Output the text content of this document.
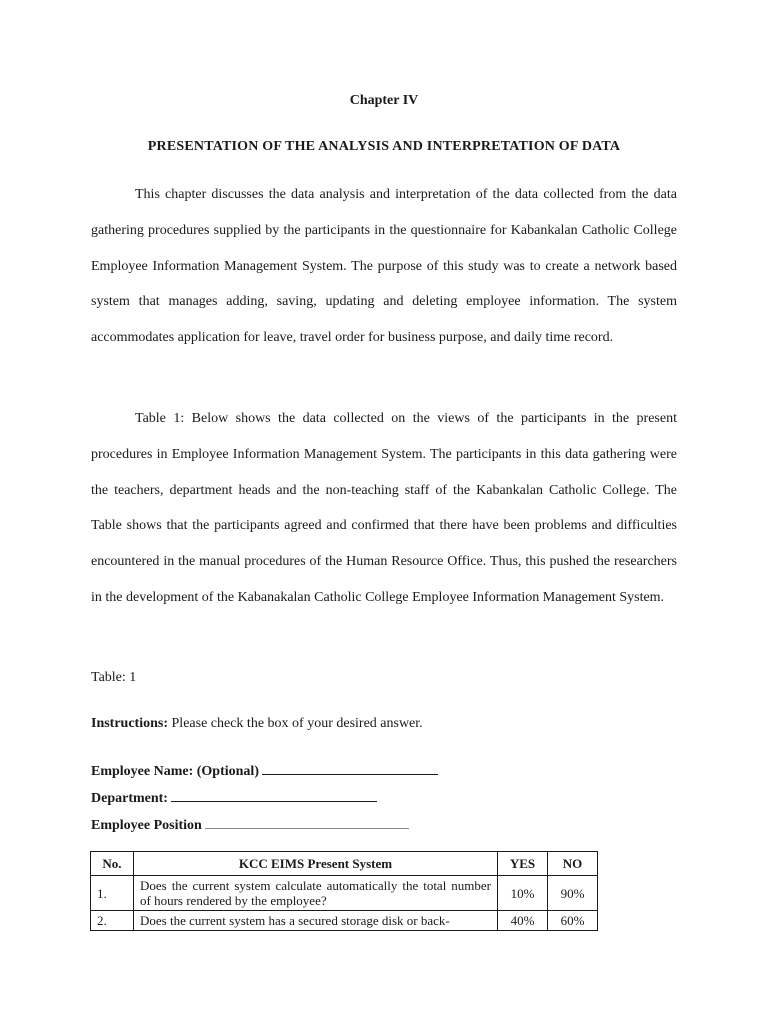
Chapter IV
PRESENTATION OF THE ANALYSIS AND INTERPRETATION OF DATA

This chapter discusses the data analysis and interpretation of the data collected from the data gathering procedures supplied by the participants in the questionnaire for Kabankalan Catholic College Employee Information Management System. The purpose of this study was to create a network based system that manages adding, saving, updating and deleting employee information. The system accommodates application for leave, travel order for business purpose, and daily time record.

Table 1: Below shows the data collected on the views of the participants in the present procedures in Employee Information Management System. The participants in this data gathering were the teachers, department heads and the non-teaching staff of the Kabankalan Catholic College. The Table shows that the participants agreed and confirmed that there have been problems and difficulties encountered in the manual procedures of the Human Resource Office. Thus, this pushed the researchers in the development of the Kabanakalan Catholic College Employee Information Management System.

Table: 1
Instructions: Please check the box of your desired answer.
Employee Name: (Optional)
Department:
Employee Position
No.	KCC EIMS Present System	YES	NO
1.	Does the current system calculate automatically the total number of hours rendered by the employee?	10%	90%
2.	Does the current system has a secured storage disk or back-	40%	60%
